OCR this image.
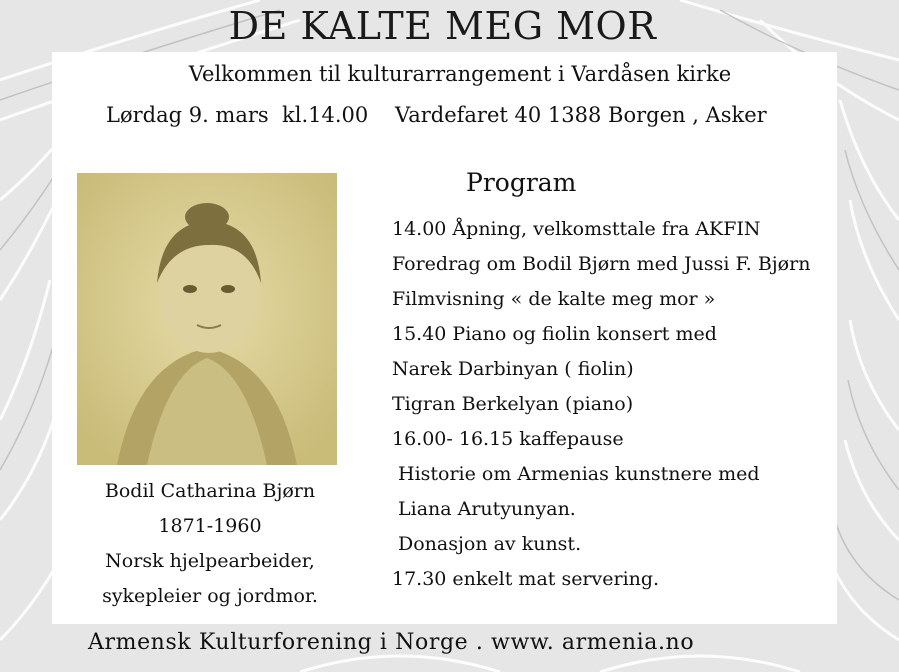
DE KALTE MEG MOR
Velkommen til kulturarrangement i Vardåsen kirke
Lørdag 9. mars  kl.14.00    Vardefaret 40 1388 Borgen , Asker
Bodil Catharina Bjørn
1871-1960
Norsk hjelpearbeider,
sykepleier og jordmor.
Program
14.00 Åpning, velkomsttale fra AKFIN
Foredrag om Bodil Bjørn med Jussi F. Bjørn
Filmvisning « de kalte meg mor »
15.40 Piano og fiolin konsert med
Narek Darbinyan ( fiolin)
Tigran Berkelyan (piano)
16.00- 16.15 kaffepause
Historie om Armenias kunstnere med
Liana Arutyunyan.
Donasjon av kunst.
17.30 enkelt mat servering.
Armensk Kulturforening i Norge . www. armenia.no
